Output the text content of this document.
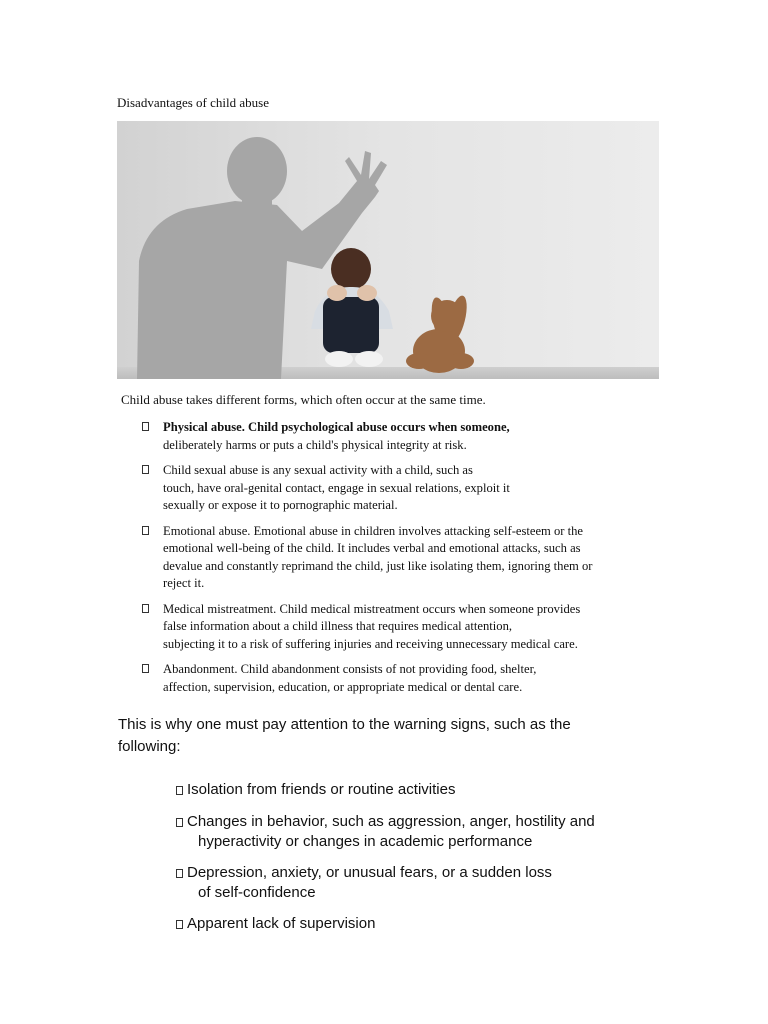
Disadvantages of child abuse
Child abuse takes different forms, which often occur at the same time.
Physical abuse. Child psychological abuse occurs when someone,
deliberately harms or puts a child's physical integrity at risk.
Child sexual abuse is any sexual activity with a child, such as
touch, have oral-genital contact, engage in sexual relations, exploit it
sexually or expose it to pornographic material.
Emotional abuse. Emotional abuse in children involves attacking self-esteem or the
emotional well-being of the child. It includes verbal and emotional attacks, such as
devalue and constantly reprimand the child, just like isolating them, ignoring them or
reject it.
Medical mistreatment. Child medical mistreatment occurs when someone provides
false information about a child illness that requires medical attention,
subjecting it to a risk of suffering injuries and receiving unnecessary medical care.
Abandonment. Child abandonment consists of not providing food, shelter,
affection, supervision, education, or appropriate medical or dental care.
This is why one must pay attention to the warning signs, such as the
following:
Isolation from friends or routine activities
Changes in behavior, such as aggression, anger, hostility and
hyperactivity or changes in academic performance
Depression, anxiety, or unusual fears, or a sudden loss
of self-confidence
Apparent lack of supervision
